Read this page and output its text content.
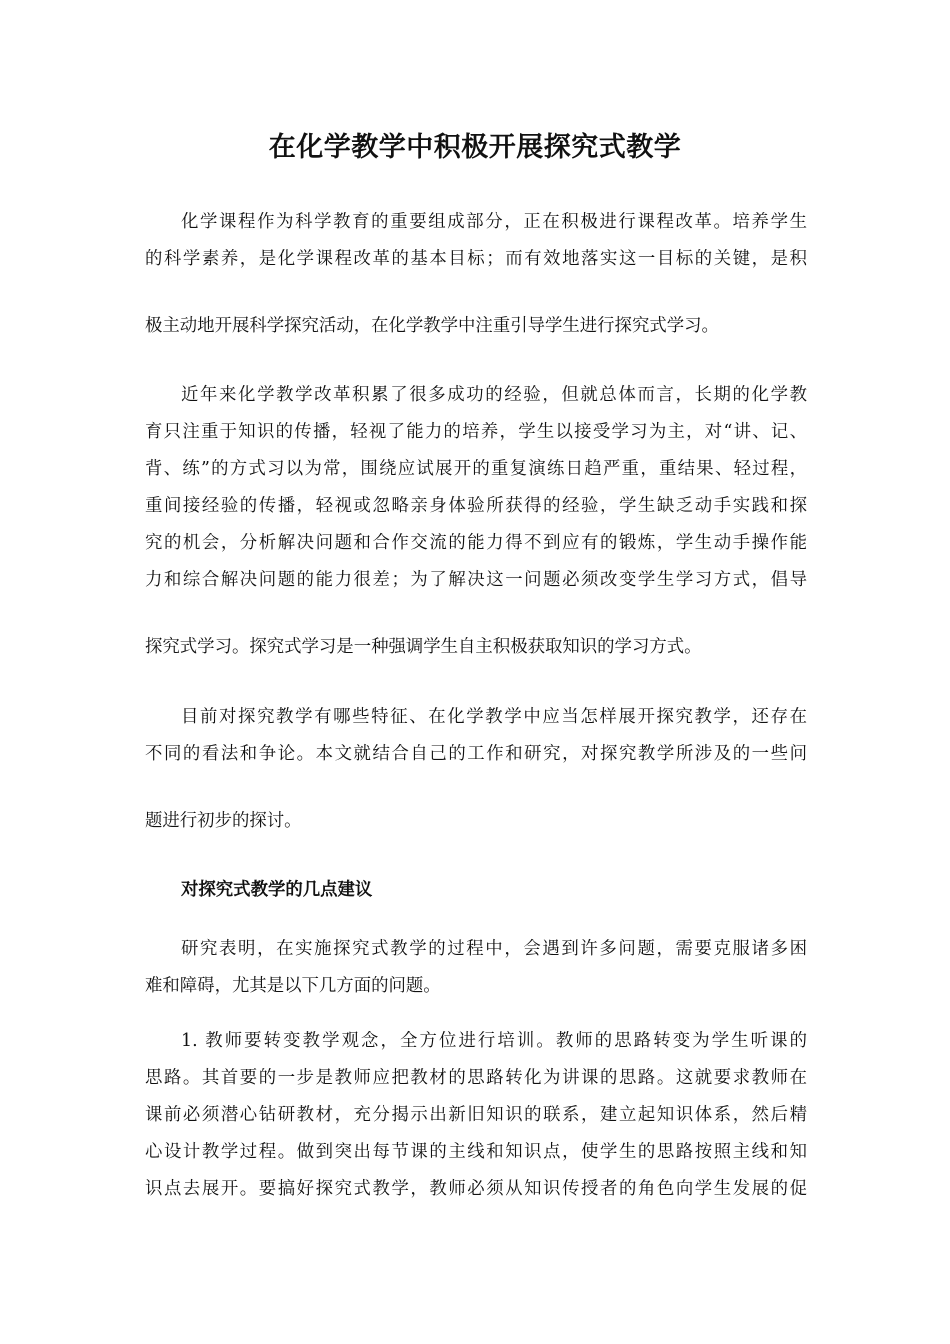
在化学教学中积极开展探究式教学
化学课程作为科学教育的重要组成部分，正在积极进行课程改革。培养学生
的科学素养，是化学课程改革的基本目标；而有效地落实这一目标的关键，是积
极主动地开展科学探究活动，在化学教学中注重引导学生进行探究式学习。
近年来化学教学改革积累了很多成功的经验，但就总体而言，长期的化学教
育只注重于知识的传播，轻视了能力的培养，学生以接受学习为主，对“讲、记、
背、练”的方式习以为常，围绕应试展开的重复演练日趋严重，重结果、轻过程，
重间接经验的传播，轻视或忽略亲身体验所获得的经验，学生缺乏动手实践和探
究的机会，分析解决问题和合作交流的能力得不到应有的锻炼，学生动手操作能
力和综合解决问题的能力很差；为了解决这一问题必须改变学生学习方式，倡导
探究式学习。探究式学习是一种强调学生自主积极获取知识的学习方式。
目前对探究教学有哪些特征、在化学教学中应当怎样展开探究教学，还存在
不同的看法和争论。本文就结合自己的工作和研究，对探究教学所涉及的一些问
题进行初步的探讨。
对探究式教学的几点建议
研究表明，在实施探究式教学的过程中，会遇到许多问题，需要克服诸多困
难和障碍，尤其是以下几方面的问题。
1. 教师要转变教学观念，全方位进行培训。教师的思路转变为学生听课的
思路。其首要的一步是教师应把教材的思路转化为讲课的思路。这就要求教师在
课前必须潜心钻研教材，充分揭示出新旧知识的联系，建立起知识体系，然后精
心设计教学过程。做到突出每节课的主线和知识点，使学生的思路按照主线和知
识点去展开。要搞好探究式教学，教师必须从知识传授者的角色向学生发展的促
